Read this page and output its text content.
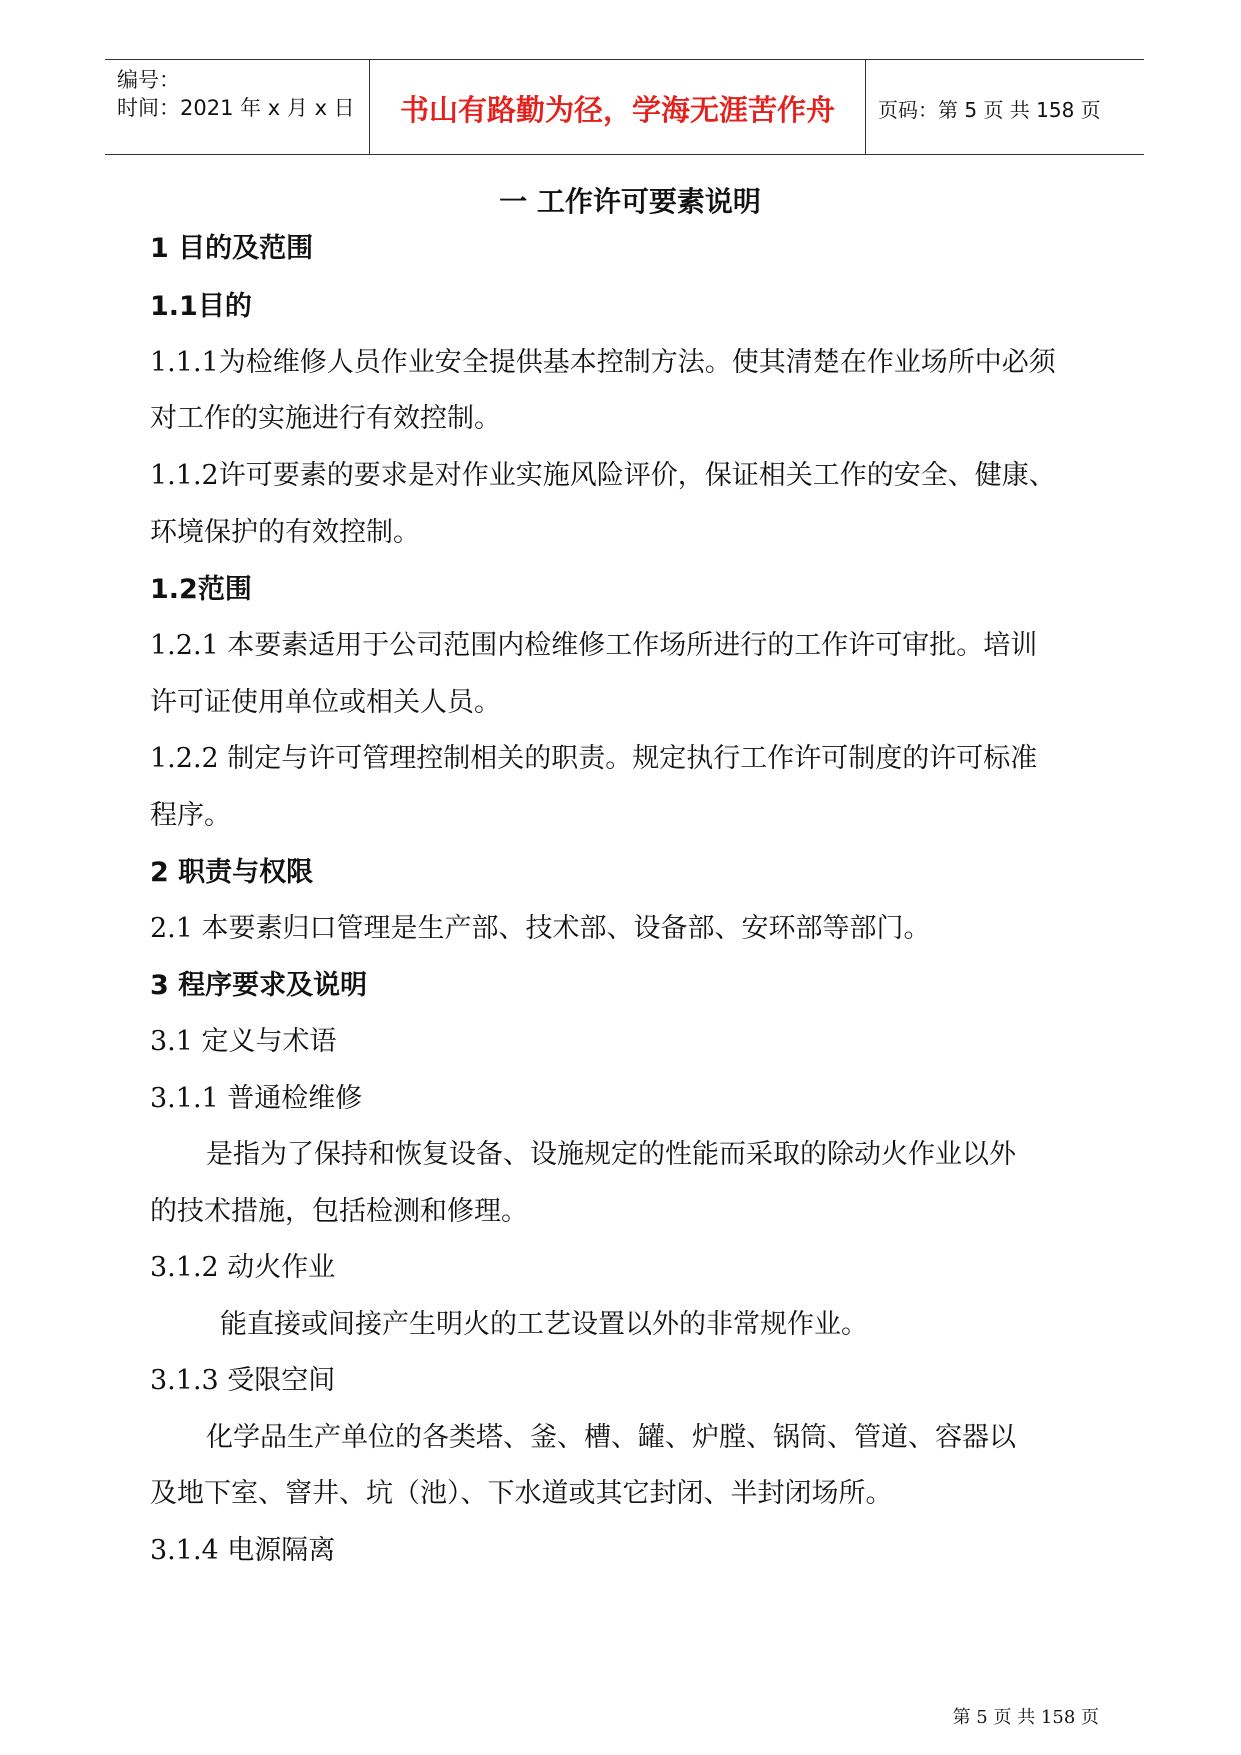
编号：
时间：2021 年 x 月 x 日	书山有路勤为径，学海无涯苦作舟	页码：第 5 页 共 158 页
一 工作许可要素说明
1 目的及范围
1.1目的
1.1.1为检维修人员作业安全提供基本控制方法。使其清楚在作业场所中必须
对工作的实施进行有效控制。
1.1.2许可要素的要求是对作业实施风险评价，保证相关工作的安全、健康、
环境保护的有效控制。
1.2范围
1.2.1 本要素适用于公司范围内检维修工作场所进行的工作许可审批。培训
许可证使用单位或相关人员。
1.2.2 制定与许可管理控制相关的职责。规定执行工作许可制度的许可标准
程序。
2 职责与权限
2.1 本要素归口管理是生产部、技术部、设备部、安环部等部门。
3 程序要求及说明
3.1 定义与术语
3.1.1 普通检维修
是指为了保持和恢复设备、设施规定的性能而采取的除动火作业以外
的技术措施，包括检测和修理。
3.1.2 动火作业
能直接或间接产生明火的工艺设置以外的非常规作业。
3.1.3 受限空间
化学品生产单位的各类塔、釜、槽、罐、炉膛、锅筒、管道、容器以
及地下室、窨井、坑（池）、下水道或其它封闭、半封闭场所。
3.1.4 电源隔离
第 5 页 共 158 页
